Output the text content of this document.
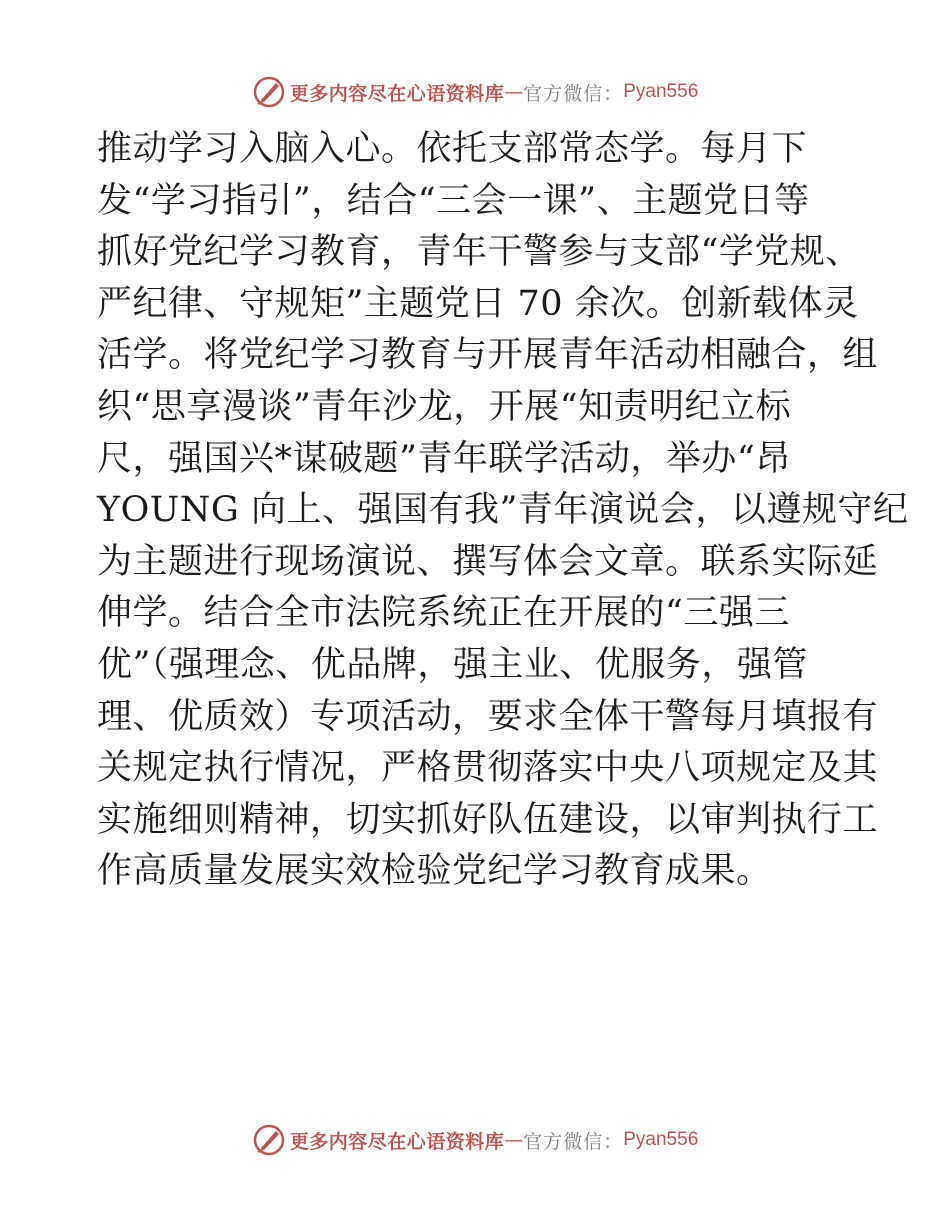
更多内容尽在心语资料库 — 官方微信： Pyan556
推动学习入脑入心。依托支部常态学。每月下
发“学习指引”，结合“三会一课”、主题党日等
抓好党纪学习教育，青年干警参与支部“学党规、
严纪律、守规矩”主题党日 70 余次。创新载体灵
活学。将党纪学习教育与开展青年活动相融合，组
织“思享漫谈”青年沙龙，开展“知责明纪立标
尺，强国兴*谋破题”青年联学活动，举办“昂
YOUNG 向上、强国有我”青年演说会，以遵规守纪
为主题进行现场演说、撰写体会文章。联系实际延
伸学。结合全市法院系统正在开展的“三强三
优”（强理念、优品牌，强主业、优服务，强管
理、优质效）专项活动，要求全体干警每月填报有
关规定执行情况，严格贯彻落实中央八项规定及其
实施细则精神，切实抓好队伍建设，以审判执行工
作高质量发展实效检验党纪学习教育成果。
更多内容尽在心语资料库 — 官方微信： Pyan556
